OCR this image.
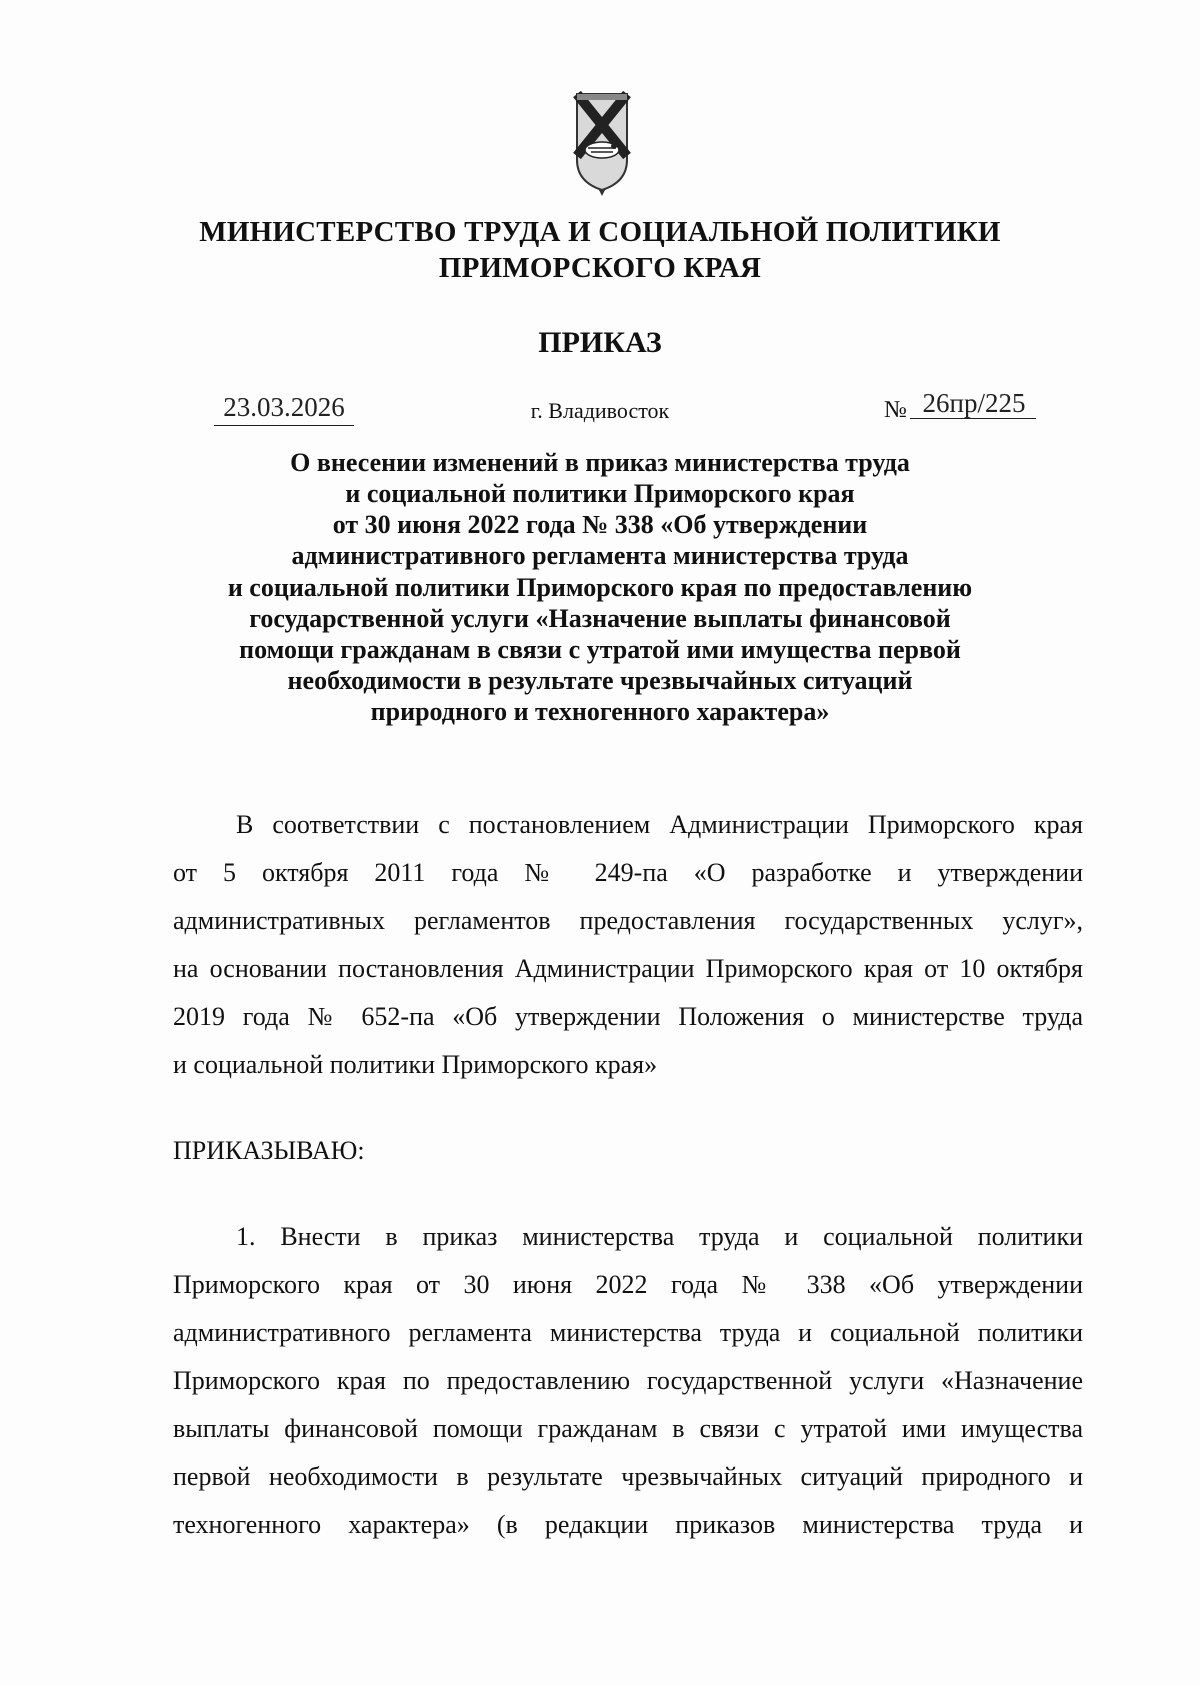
МИНИСТЕРСТВО ТРУДА И СОЦИАЛЬНОЙ ПОЛИТИКИ
ПРИМОРСКОГО КРАЯ
ПРИКАЗ
23.03.2026	г. Владивосток	№ 26пр/225
О внесении изменений в приказ министерства труда
и социальной политики Приморского края
от 30 июня 2022 года № 338 «Об утверждении
административного регламента министерства труда
и социальной политики Приморского края по предоставлению
государственной услуги «Назначение выплаты финансовой
помощи гражданам в связи с утратой ими имущества первой
необходимости в результате чрезвычайных ситуаций
природного и техногенного характера»
В соответствии с постановлением Администрации Приморского края
от 5 октября 2011 года № 249-па «О разработке и утверждении
административных регламентов предоставления государственных услуг»,
на основании постановления Администрации Приморского края от 10 октября
2019 года № 652-па «Об утверждении Положения о министерстве труда
и социальной политики Приморского края»
ПРИКАЗЫВАЮ:
1. Внести в приказ министерства труда и социальной политики
Приморского края от 30 июня 2022 года № 338 «Об утверждении
административного регламента министерства труда и социальной политики
Приморского края по предоставлению государственной услуги «Назначение
выплаты финансовой помощи гражданам в связи с утратой ими имущества
первой необходимости в результате чрезвычайных ситуаций природного и
техногенного характера» (в редакции приказов министерства труда и
